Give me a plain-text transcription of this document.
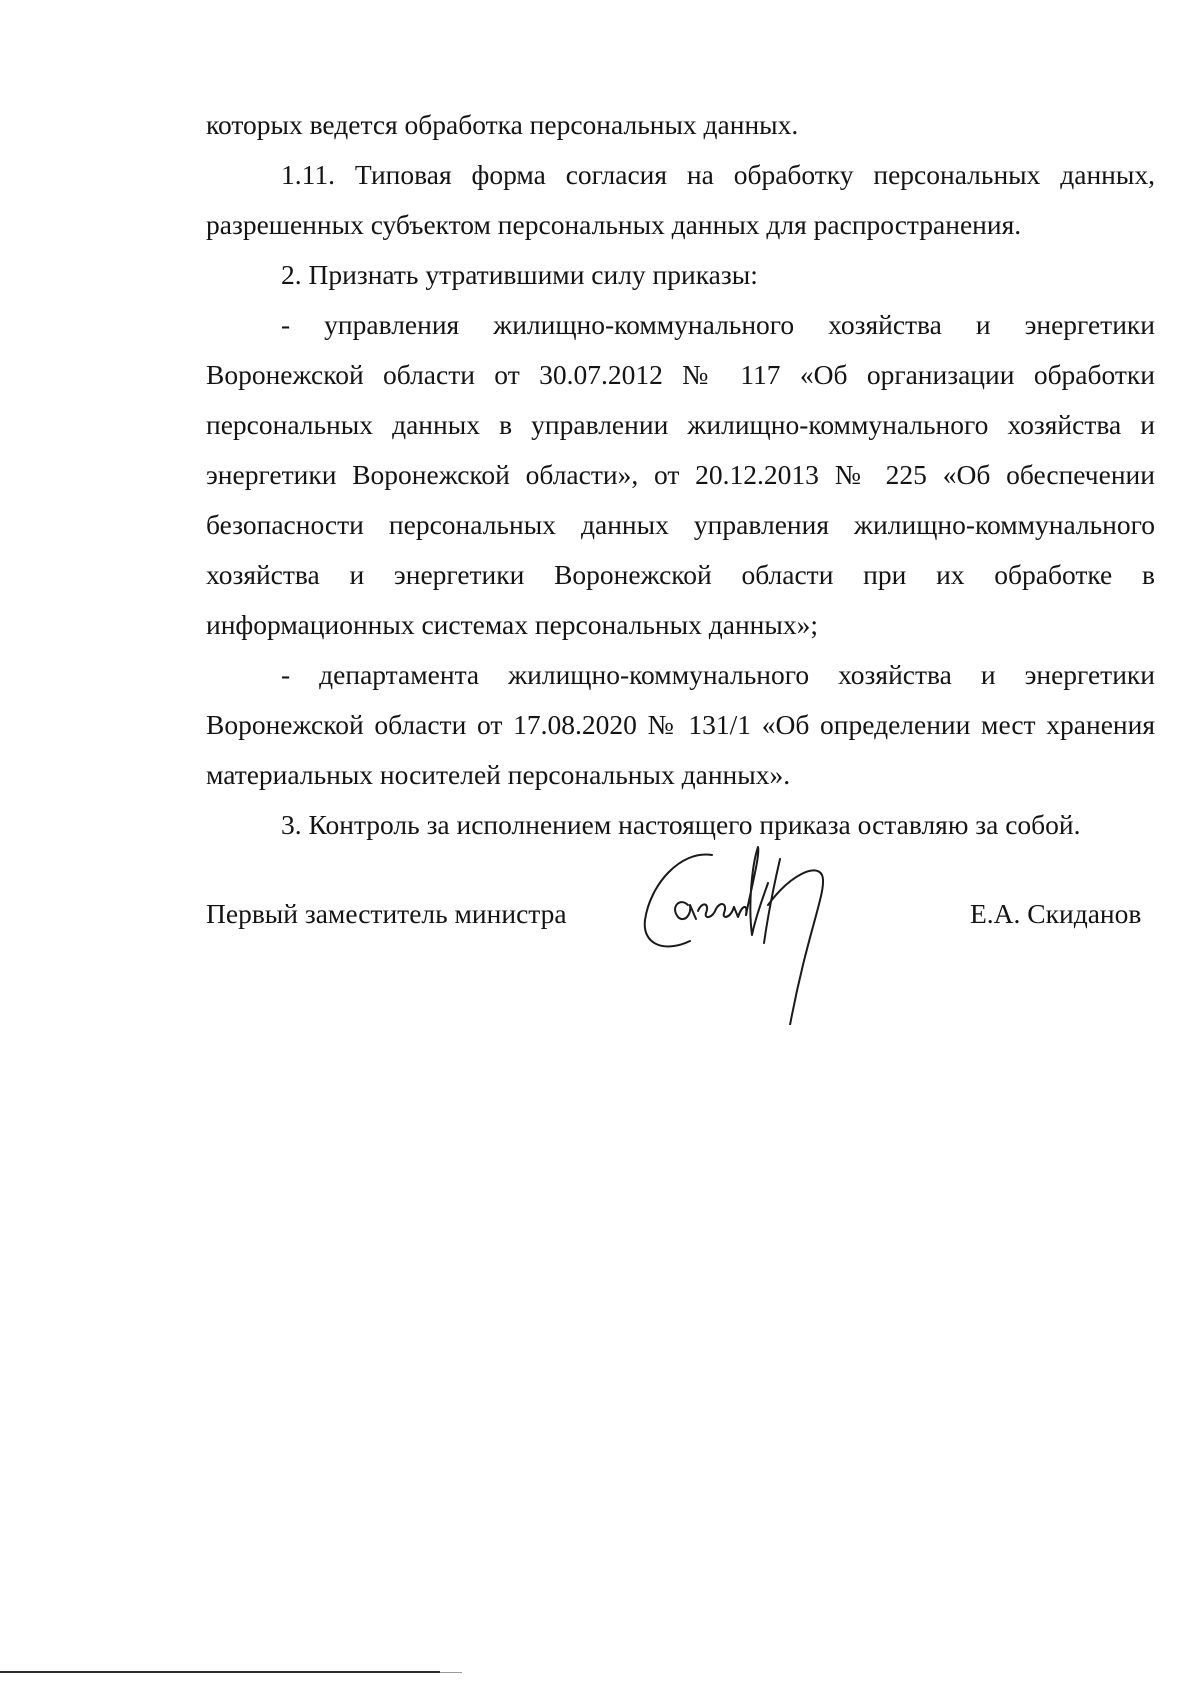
которых ведется обработка персональных данных.

1.11. Типовая форма согласия на обработку персональных данных, разрешенных субъектом персональных данных для распространения.

2. Признать утратившими силу приказы:

- управления жилищно-коммунального хозяйства и энергетики Воронежской области от 30.07.2012 № 117 «Об организации обработки персональных данных в управлении жилищно-коммунального хозяйства и энергетики Воронежской области», от 20.12.2013 № 225 «Об обеспечении безопасности персональных данных управления жилищно-коммунального хозяйства и энергетики Воронежской области при их обработке в информационных системах персональных данных»;

- департамента жилищно-коммунального хозяйства и энергетики Воронежской области от 17.08.2020 № 131/1 «Об определении мест хранения материальных носителей персональных данных».

3. Контроль за исполнением настоящего приказа оставляю за собой.

Первый заместитель министра	Е.А. Скиданов
